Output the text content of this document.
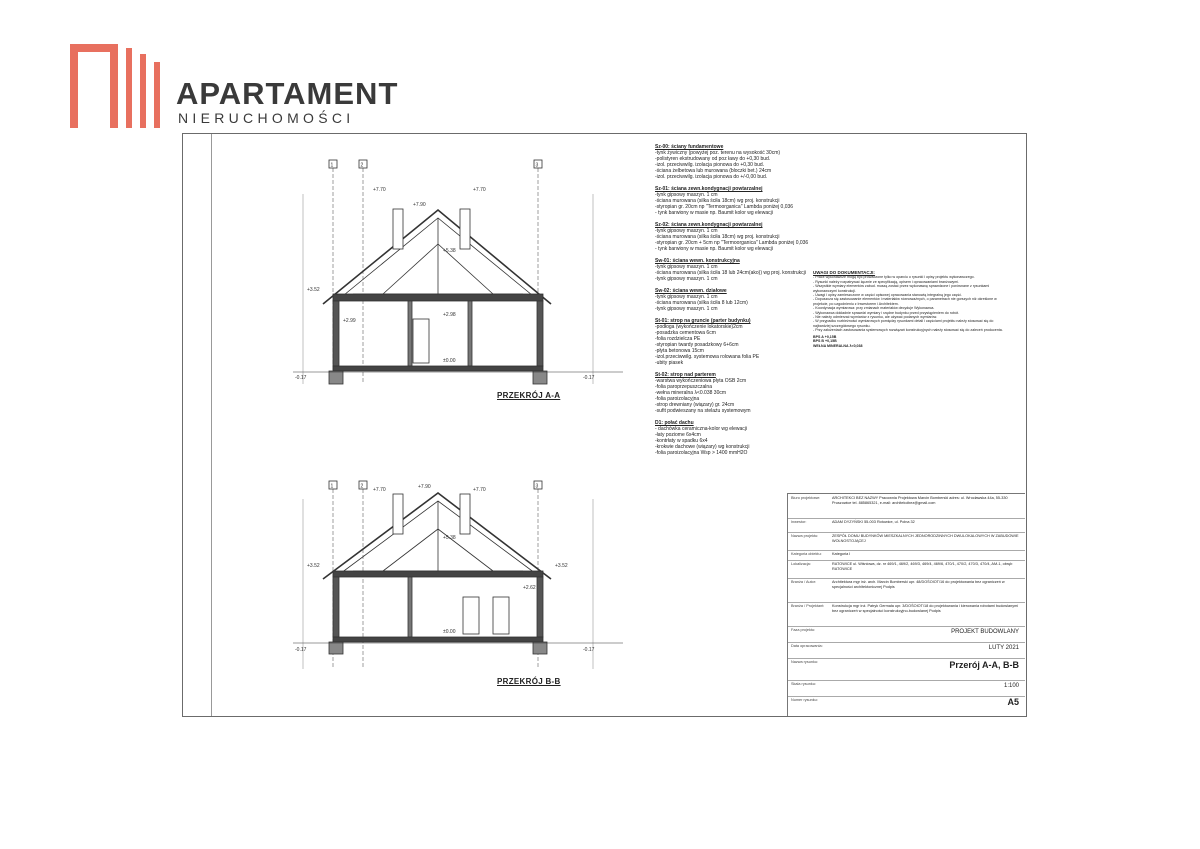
APARTAMENT
NIERUCHOMOŚCI
1	2	3
+7.90
+7.70	+7.70
+5.38
+3.52
+2.99
+2.98
±0.00
-0.17	-0.17
PRZEKRÓJ A-A
1	2	3
+7.90
+7.70	+7.70
+5.38
+3.52	+3.52
+2.62
±0.00
-0.17	-0.17
PRZEKRÓJ B-B
Sz-00: ściany fundamentowe
-tynk żywiczny (powyżej poz. terenu na wysokość 30cm)
-polistyren ekstrudowany od poz ławy do +0,30 bud.
-izol. przeciwwilg. izolacja pionowa do +0,30 bud.
-ściana żelbetowa lub murowana (bloczki bet.) 24cm
-izol. przeciwwilg. izolacja pionowa do +/-0,00 bud.
Sz-01: ściana zewn.kondygnacji powtarzalnej
-tynk gipsowy maszyn. 1 cm
-ściana murowana (silka ściła 18cm) wg proj. konstrukcji
-styropian gr. 20cm np "Termoorganica" Lambda poniżej 0,036
- tynk barwiony w masie np. Baumit kolor wg elewacji
Sz-02: ściana zewn.kondygnacji powtarzalnej
-tynk gipsowy maszyn. 1 cm
-ściana murowana (silka ściła 18cm) wg proj. konstrukcji
-styropian gr. 20cm + 5cm np "Termoorganica" Lambda poniżej 0,036
- tynk barwiony w masie np. Baumit kolor wg elewacji
Sw-01: ściana wewn. konstrukcyjna
-tynk gipsowy maszyn. 1 cm
-ściana murowana (silka ściła 18 lub 24cm(ako)) wg proj. konstrukcji
-tynk gipsowy maszyn. 1 cm
Sw-02: ściana wewn. działowe
-tynk gipsowy maszyn. 1 cm
-ściana murowana (silka ściła 8 lub 12cm)
-tynk gipsowy maszyn. 1 cm
St-01: strop na gruncie (parter budynku)
-podłoga (wykończenie lokatorskie)2cm
-posadzka cementowa 6cm
-folia rozdzielcza PE
-styropian twardy posadzkowy 6+6cm
-płyta betonowa 15cm
-izol.przeciwwilg. systemowa rolowana folia PE
-ubity piasek
St-02: strop nad parterem
-warstwa wykończeniowa płyta OSB 2cm
-folia paroprzepuszczalna
-wełna mineralna λ<0.038 30cm
-folia paroizolacyjna
-strop drewniany (wiązary) gr. 24cm
-sufit podwieszany na stelażu systemowym
D1: połać dachu
- dachówka ceramiczna-kolor wg elewacji
-łaty poziome 6x4cm
-kontrłaty w spadku 6x4
-krokwie dachowe (wiązary) wg konstrukcji
-folia paroizolacyjna Wsp > 1400 mmH2O
UWAGI DO DOKUMENTACJI:
- Prace wykonawcze mogą być prowadzone tylko w oparciu o rysunki i opisy projektu wykonawczego.
- Rysunki należy rozpatrywać łącznie ze specyfikacją, opisem i opracowaniami branżowymi.
- Wszystkie wymiary elementów zabud. muszą zostać przez wykonawcę sprawdzone i porównane z rysunkami wykonawczymi konstrukcji.
- Uwagi i opisy zamieszczone w części opisowej opracowania stanowią integralną jego część.
- Dopuszcza się zastosowanie elementów i materiałów równoważnych, o parametrach nie gorszych niż określone w projekcie, po uzgodnieniu z Inwestorem i Architektem.
- Koordynacja wymiarowa: przy zmianach materiałów decyduje Wykonawca.
- Wykonawca dokładnie sprawdzi wymiary i rzędne budynku przed przystąpieniem do robót.
- Nie należy odmierzać wymiarów z rysunku, ale używać podanych wymiarów.
- W przypadku rozbieżności wymiarowych pomiędzy rysunkami detali i częściami projektu należy stosować się do najbardziej szczegółowego rysunku.
- Przy założeniach zastosowania systemowych rozwiązań konstrukcyjnych należy stosować się do zaleceń producenta.
BPS A +0,15B
BPS B +0,15B
WEŁNA MINERALNA λ<0,038
Biuro projektowe:	ARCHITEKCI BEZ NAZWY Pracownia Projektowa Marcin Bomberski adres: ul. Wrocławska 44a, 55-330 Pruszowice tel. 885865321, e-mail: architekcibez@gmail.com
Inwestor:	ADAM DYZYŃSKI 55-003 Rotowice, ul. Polna 32
Nazwa projektu:	ZESPÓŁ DOMU BUDYNKÓW MIESZKALNYCH JEDNORODZINNYCH DWULOKALOWYCH W ZABUDOWIE WOLNOSTOJĄCEJ
Kategoria obiektu:	Kategoria I
Lokalizacja:	RATOWICE ul. Wiśniowa, dz. nr 469/1, 469/2, 469/3, 469/4, 469/6, 470/1, 470/2, 470/3, 470/4, AM-1, obręb RATOWICE
Branża / Autor:	Architektura mgr inż. arch. Marcin Bomberski upr. 48/DOŚOIOT/16 do projektowania bez ograniczeń w specjalności architektonicznej Podpis
Branża / Projektant:	Konstrukcja mgr inż. Patryk Germała upr. 3/DOŚOIOT/18 do projektowania i kierowania robotami budowlanymi bez ograniczeń w specjalności konstrukcyjno-budowlanej Podpis
Faza projektu:	PROJEKT BUDOWLANY
Data opracowania:	LUTY 2021
Nazwa rysunku:	Przerój A-A, B-B
Skala rysunku:	1:100
Numer rysunku:	A5
